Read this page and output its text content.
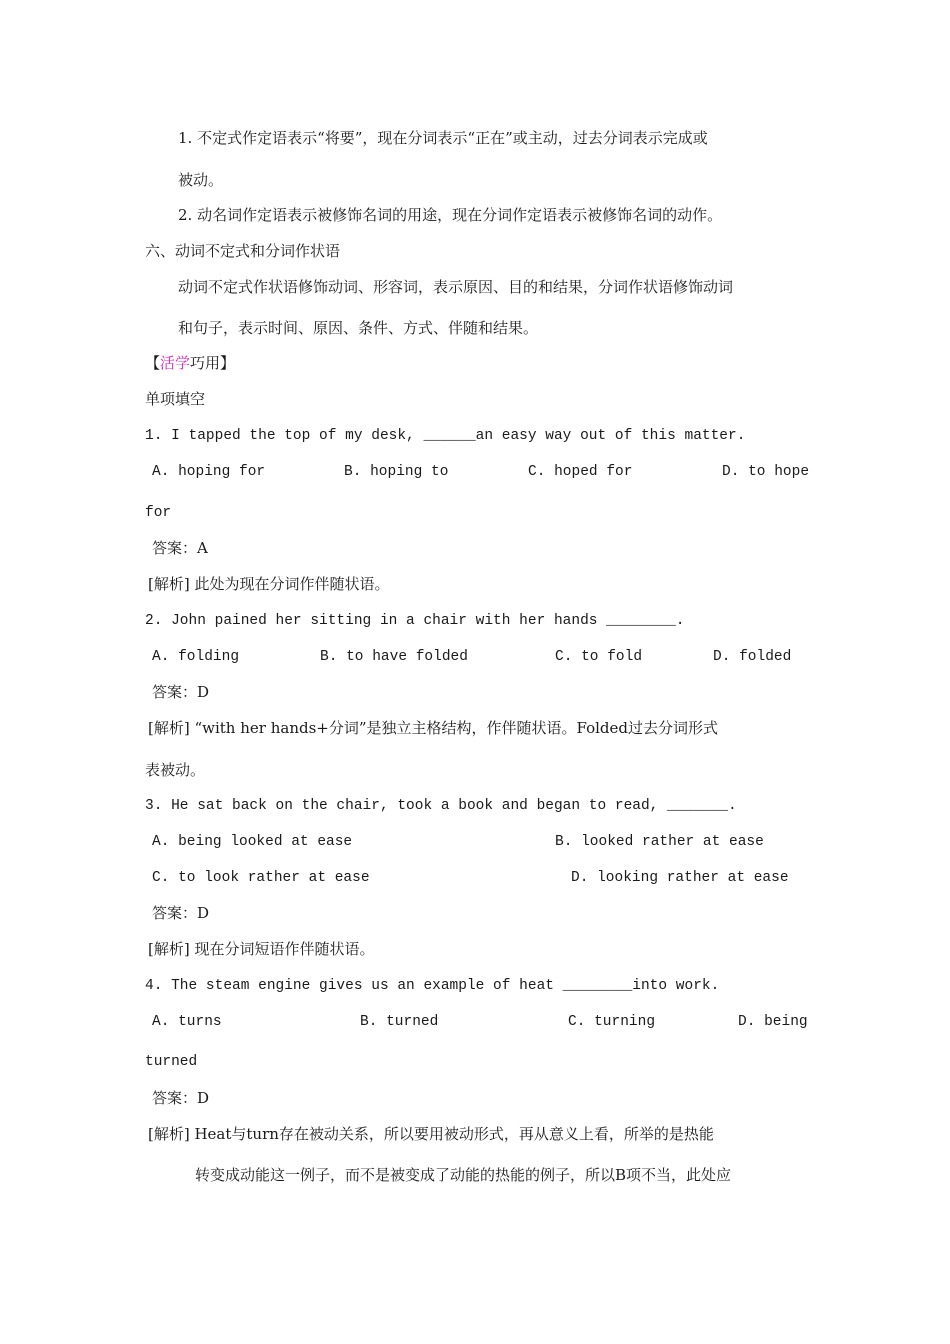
1. 不定式作定语表示“将要”，现在分词表示“正在”或主动，过去分词表示完成或
被动。
2. 动名词作定语表示被修饰名词的用途，现在分词作定语表示被修饰名词的动作。
六、动词不定式和分词作状语
动词不定式作状语修饰动词、形容词，表示原因、目的和结果，分词作状语修饰动词
和句子，表示时间、原因、条件、方式、伴随和结果。
【活学巧用】
单项填空
1. I tapped the top of my desk, ______an easy way out of this matter.
A. hoping for	B. hoping to	C. hoped for	D. to hope
for
答案：A
[解析] 此处为现在分词作伴随状语。
2. John pained her sitting in a chair with her hands ________.
A. folding	B. to have folded	C. to fold	D. folded
答案：D
[解析] “with her hands+分词”是独立主格结构，作伴随状语。Folded过去分词形式
表被动。
3. He sat back on the chair, took a book and began to read, _______.
A. being looked at ease	B. looked rather at ease
C. to look rather at ease	D. looking rather at ease
答案：D
[解析] 现在分词短语作伴随状语。
4. The steam engine gives us an example of heat ________into work.
A. turns	B. turned	C. turning	D. being
turned
答案：D
[解析] Heat与turn存在被动关系，所以要用被动形式，再从意义上看，所举的是热能
转变成动能这一例子，而不是被变成了动能的热能的例子，所以B项不当，此处应
